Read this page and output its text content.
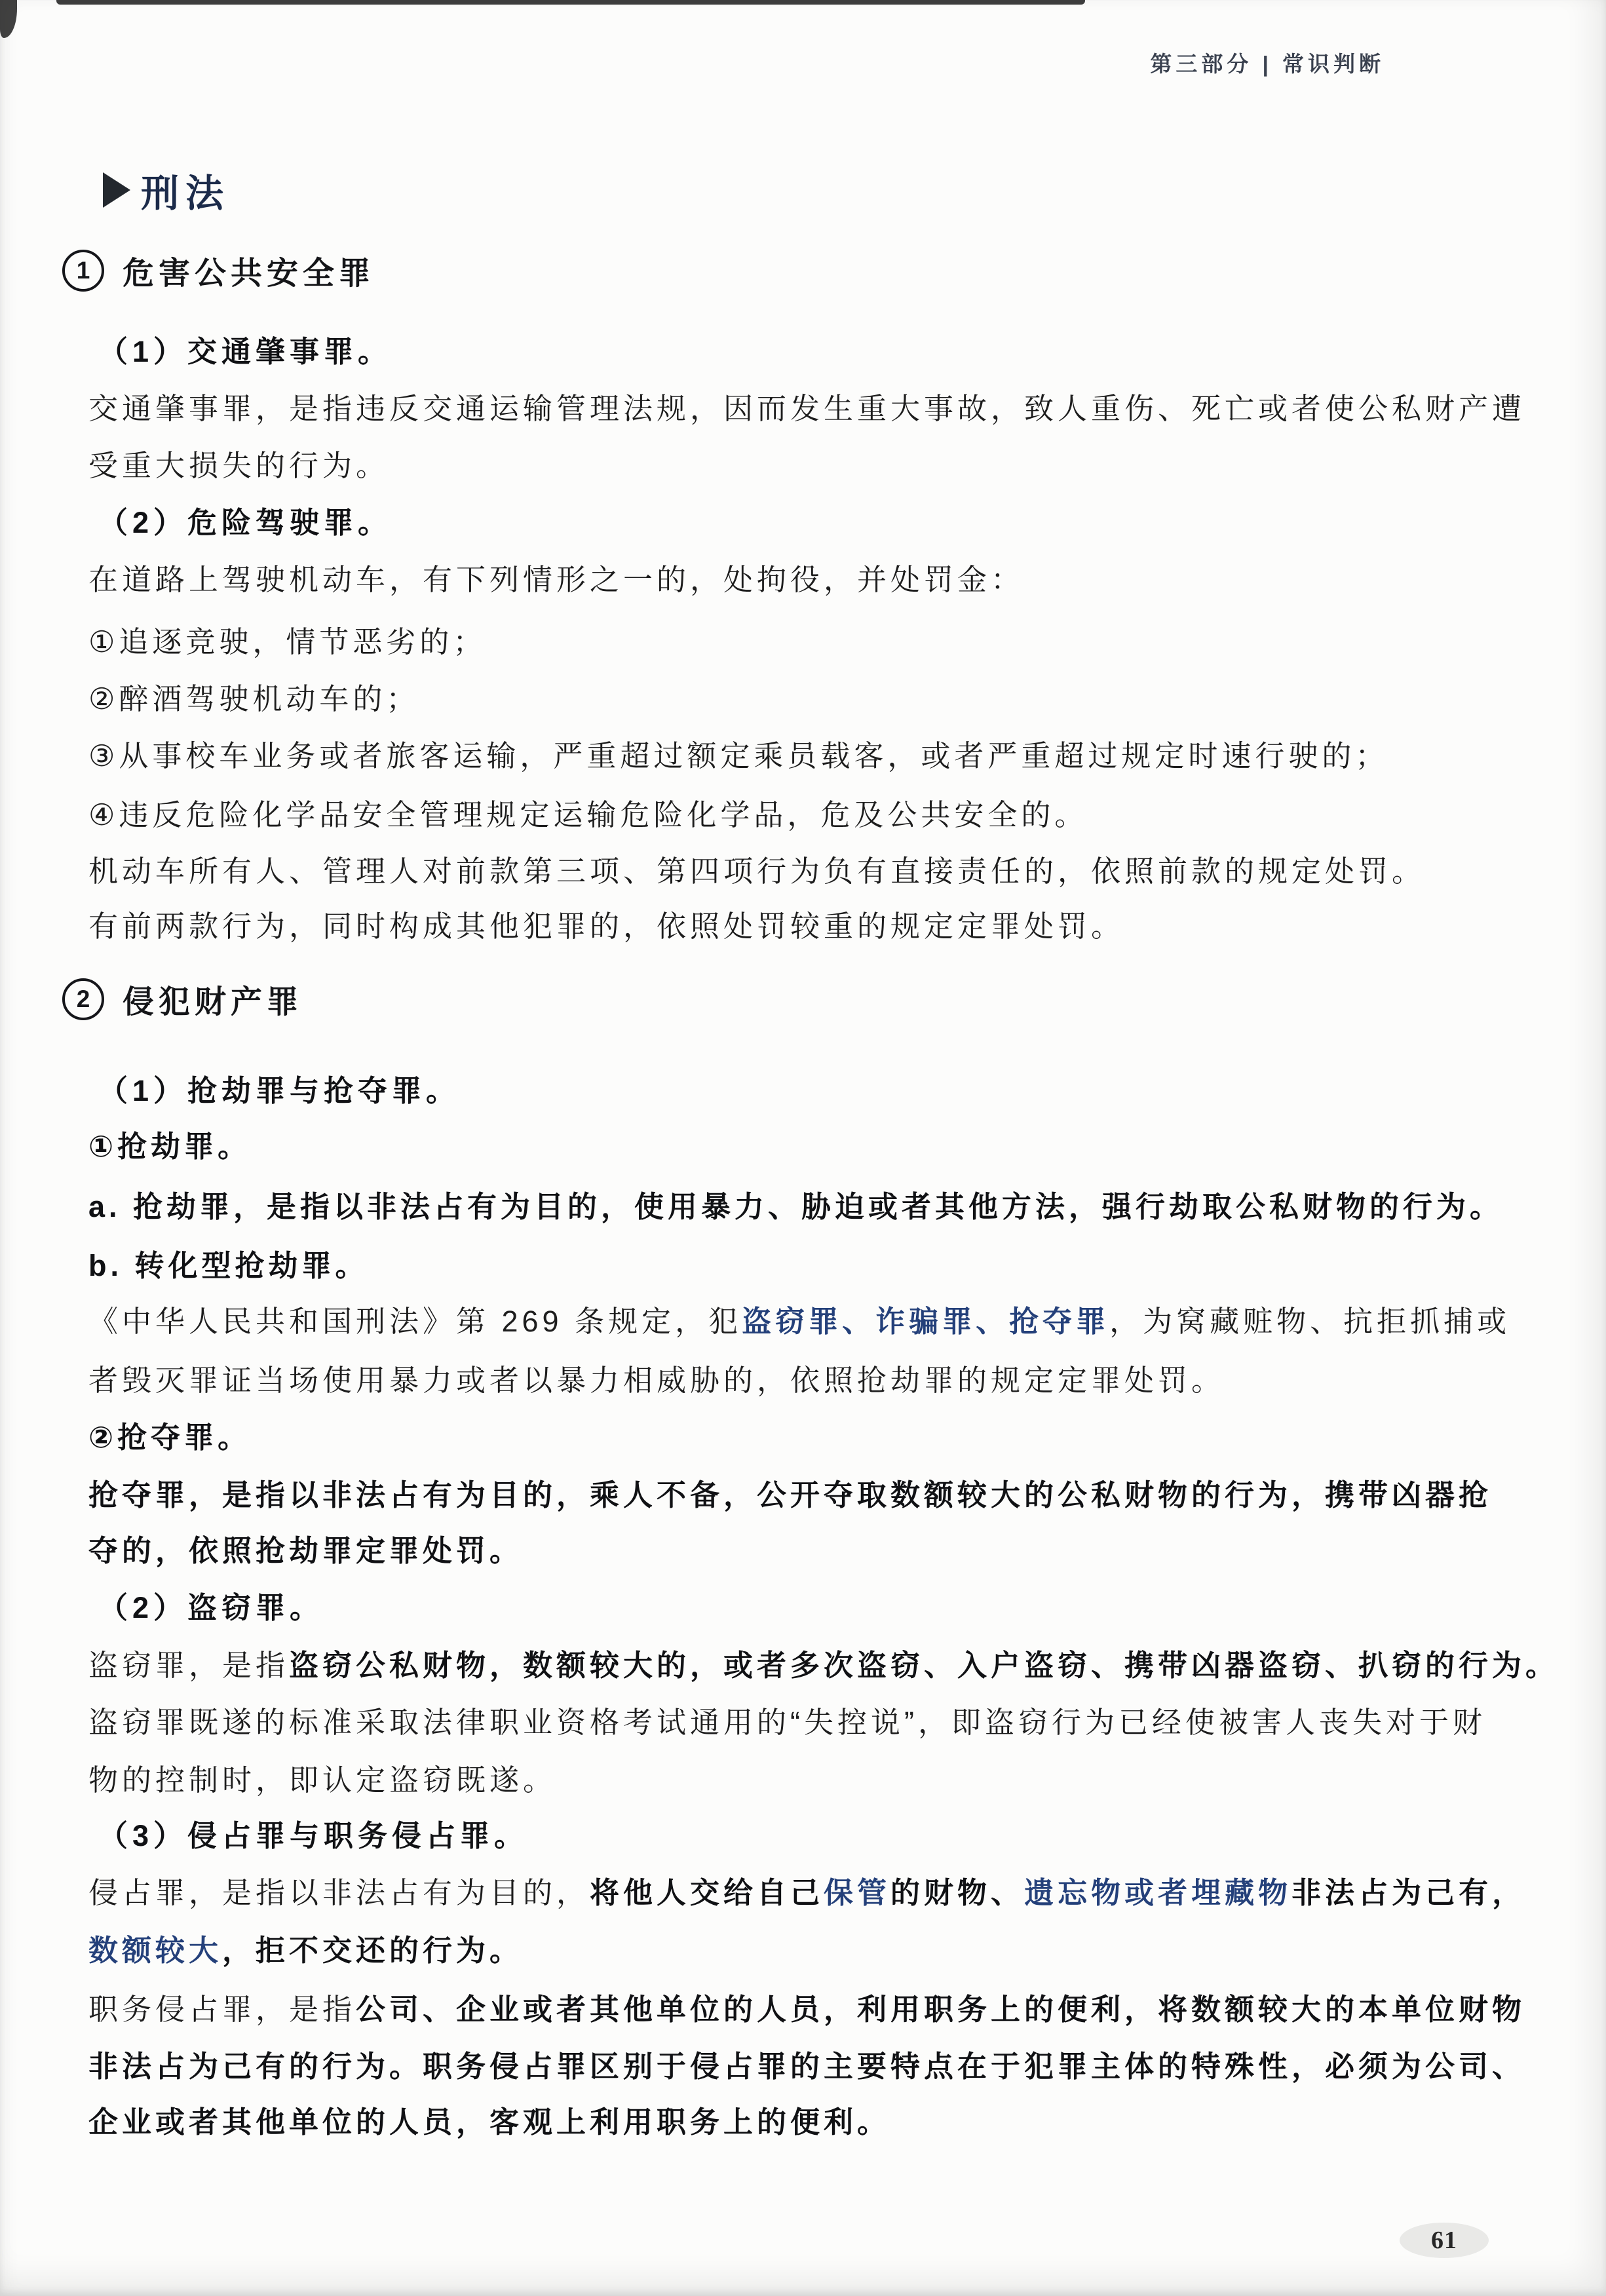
第三部分 | 常识判断
刑法
1	危害公共安全罪
（1）交通肇事罪。
交通肇事罪，是指违反交通运输管理法规，因而发生重大事故，致人重伤、死亡或者使公私财产遭
受重大损失的行为。
（2）危险驾驶罪。
在道路上驾驶机动车，有下列情形之一的，处拘役，并处罚金：
①追逐竞驶，情节恶劣的；
②醉酒驾驶机动车的；
③从事校车业务或者旅客运输，严重超过额定乘员载客，或者严重超过规定时速行驶的；
④违反危险化学品安全管理规定运输危险化学品，危及公共安全的。
机动车所有人、管理人对前款第三项、第四项行为负有直接责任的，依照前款的规定处罚。
有前两款行为，同时构成其他犯罪的，依照处罚较重的规定定罪处罚。
2	侵犯财产罪
（1）抢劫罪与抢夺罪。
①抢劫罪。
a. 抢劫罪，是指以非法占有为目的，使用暴力、胁迫或者其他方法，强行劫取公私财物的行为。
b. 转化型抢劫罪。
《中华人民共和国刑法》第 269 条规定，犯盗窃罪、诈骗罪、抢夺罪，为窝藏赃物、抗拒抓捕或
者毁灭罪证当场使用暴力或者以暴力相威胁的，依照抢劫罪的规定定罪处罚。
②抢夺罪。
抢夺罪，是指以非法占有为目的，乘人不备，公开夺取数额较大的公私财物的行为，携带凶器抢
夺的，依照抢劫罪定罪处罚。
（2）盗窃罪。
盗窃罪，是指盗窃公私财物，数额较大的，或者多次盗窃、入户盗窃、携带凶器盗窃、扒窃的行为。
盗窃罪既遂的标准采取法律职业资格考试通用的“失控说”，即盗窃行为已经使被害人丧失对于财
物的控制时，即认定盗窃既遂。
（3）侵占罪与职务侵占罪。
侵占罪，是指以非法占有为目的，将他人交给自己保管的财物、遗忘物或者埋藏物非法占为己有，
数额较大，拒不交还的行为。
职务侵占罪，是指公司、企业或者其他单位的人员，利用职务上的便利，将数额较大的本单位财物
非法占为己有的行为。职务侵占罪区别于侵占罪的主要特点在于犯罪主体的特殊性，必须为公司、
企业或者其他单位的人员，客观上利用职务上的便利。
61
